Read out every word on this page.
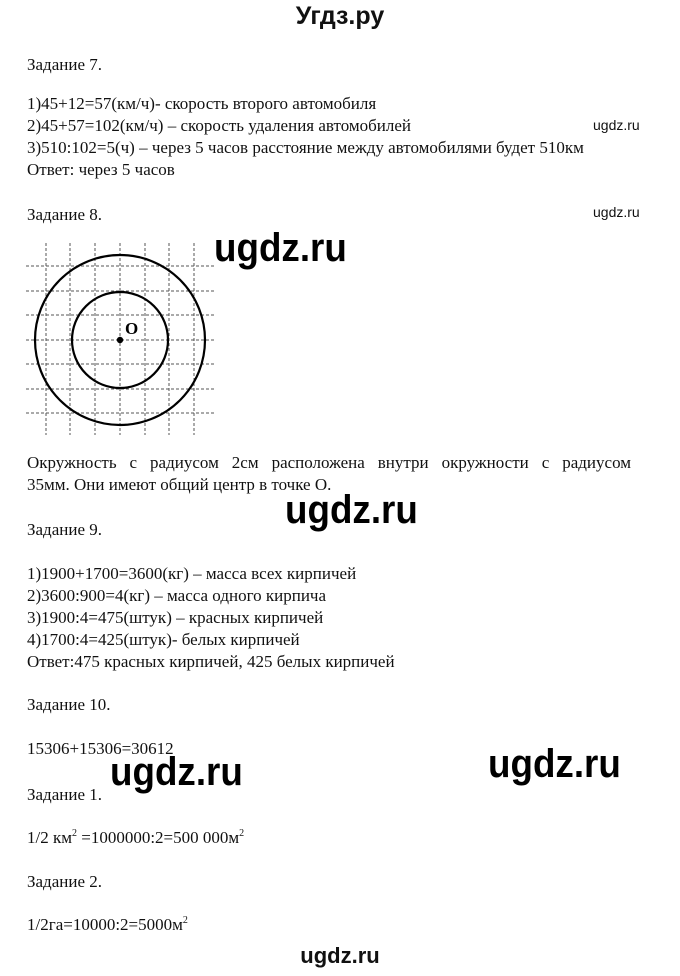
Угдз.ру
Задание 7.
1)45+12=57(км/ч)- скорость второго автомобиля
2)45+57=102(км/ч) – скорость удаления автомобилей
3)510:102=5(ч) – через 5 часов расстояние между автомобилями будет 510км
Ответ: через 5 часов
ugdz.ru
Задание 8.	ugdz.ru
O
ugdz.ru
Окружность с радиусом 2см расположена внутри окружности с радиусом
35мм. Они имеют общий центр в точке О.
ugdz.ru
Задание 9.
1)1900+1700=3600(кг) – масса всех кирпичей
2)3600:900=4(кг) – масса одного кирпича
3)1900:4=475(штук) – красных кирпичей
4)1700:4=425(штук)- белых кирпичей
Ответ:475 красных кирпичей, 425 белых кирпичей
Задание 10.
15306+15306=30612
ugdz.ru	ugdz.ru
Задание 1.
1/2 $км^2$ =1000000:2=500 $000м^2$
Задание 2.
$1/2га=10000:2=5000м^2$
ugdz.ru
